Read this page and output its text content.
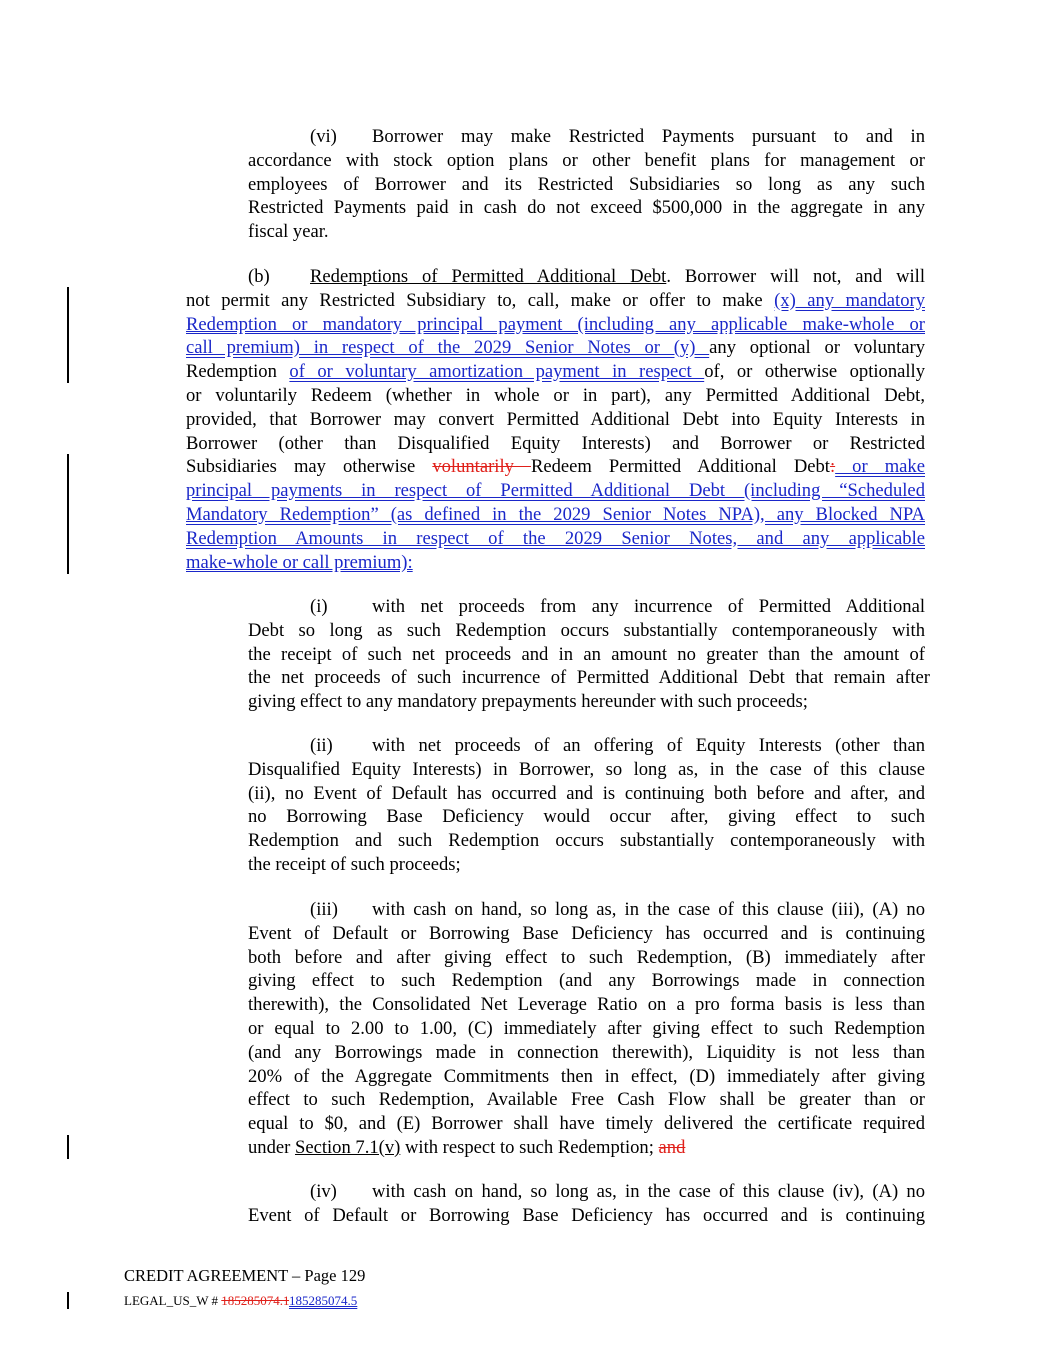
(vi) Borrower may make Restricted Payments pursuant to and in
accordance with stock option plans or other benefit plans for management or
employees of Borrower and its Restricted Subsidiaries so long as any such
Restricted Payments paid in cash do not exceed $500,000 in the aggregate in any
fiscal year.
(b) Redemptions of Permitted Additional Debt. Borrower will not, and will
not permit any Restricted Subsidiary to, call, make or offer to make (x) any mandatory
Redemption or mandatory principal payment (including any applicable make-whole or
call premium) in respect of the 2029 Senior Notes or (y) any optional or voluntary
Redemption of or voluntary amortization payment in respect of, or otherwise optionally
or voluntarily Redeem (whether in whole or in part), any Permitted Additional Debt,
provided, that Borrower may convert Permitted Additional Debt into Equity Interests in
Borrower (other than Disqualified Equity Interests) and Borrower or Restricted
Subsidiaries may otherwise voluntarily Redeem Permitted Additional Debt: or make
principal payments in respect of Permitted Additional Debt (including “Scheduled
Mandatory Redemption” (as defined in the 2029 Senior Notes NPA), any Blocked NPA
Redemption Amounts in respect of the 2029 Senior Notes, and any applicable
make-whole or call premium):
(i) with net proceeds from any incurrence of Permitted Additional
Debt so long as such Redemption occurs substantially contemporaneously with
the receipt of such net proceeds and in an amount no greater than the amount of
the net proceeds of such incurrence of Permitted Additional Debt that remain after
giving effect to any mandatory prepayments hereunder with such proceeds;
(ii) with net proceeds of an offering of Equity Interests (other than
Disqualified Equity Interests) in Borrower, so long as, in the case of this clause
(ii), no Event of Default has occurred and is continuing both before and after, and
no Borrowing Base Deficiency would occur after, giving effect to such
Redemption and such Redemption occurs substantially contemporaneously with
the receipt of such proceeds;
(iii) with cash on hand, so long as, in the case of this clause (iii), (A) no
Event of Default or Borrowing Base Deficiency has occurred and is continuing
both before and after giving effect to such Redemption, (B) immediately after
giving effect to such Redemption (and any Borrowings made in connection
therewith), the Consolidated Net Leverage Ratio on a pro forma basis is less than
or equal to 2.00 to 1.00, (C) immediately after giving effect to such Redemption
(and any Borrowings made in connection therewith), Liquidity is not less than
20% of the Aggregate Commitments then in effect, (D) immediately after giving
effect to such Redemption, Available Free Cash Flow shall be greater than or
equal to $0, and (E) Borrower shall have timely delivered the certificate required
under Section 7.1(v) with respect to such Redemption; and
(iv) with cash on hand, so long as, in the case of this clause (iv), (A) no
Event of Default or Borrowing Base Deficiency has occurred and is continuing
CREDIT AGREEMENT – Page 129
LEGAL_US_W # 185285074.1185285074.5
